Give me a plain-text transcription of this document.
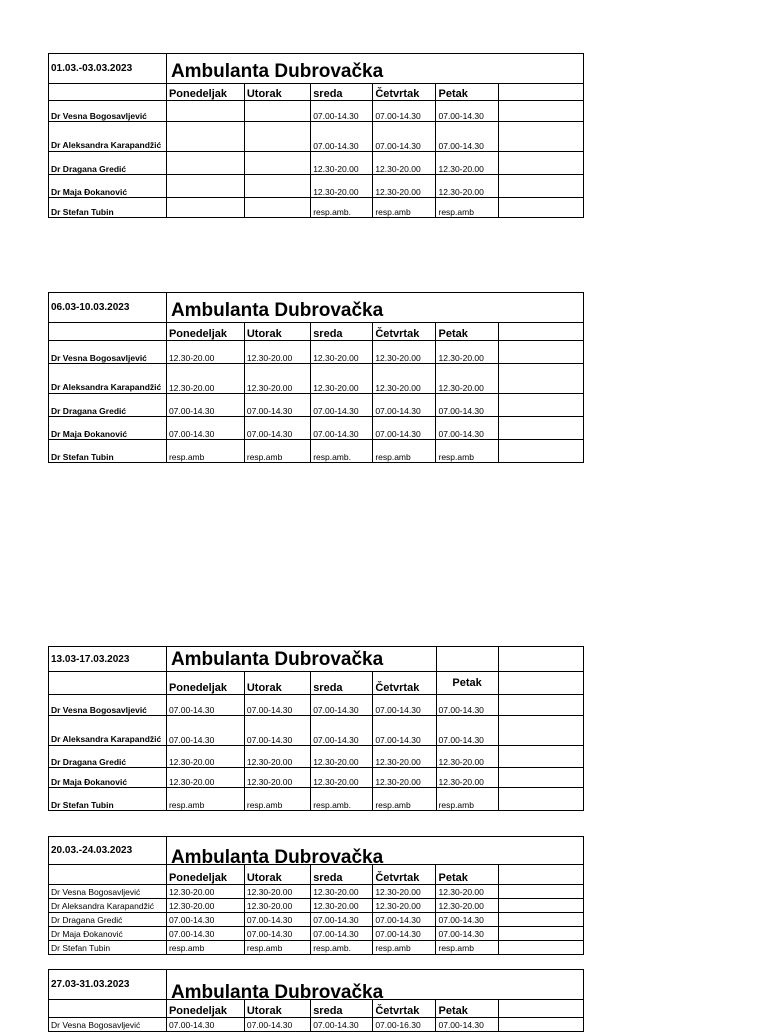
01.03.-03.03.2023	Ambulanta Dubrovačka					
	Ponedeljak	Utorak	sreda	Četvrtak	Petak	
Dr Vesna Bogosavljević			07.00-14.30	07.00-14.30	07.00-14.30	
Dr Aleksandra Karapandžić			07.00-14.30	07.00-14.30	07.00-14.30	
Dr Dragana Gredić			12.30-20.00	12.30-20.00	12.30-20.00	
Dr Maja Đokanović			12.30-20.00	12.30-20.00	12.30-20.00	
Dr Stefan Tubin			resp.amb.	resp.amb	resp.amb	
06.03-10.03.2023	Ambulanta Dubrovačka					
	Ponedeljak	Utorak	sreda	Četvrtak	Petak	
Dr Vesna Bogosavljević	12.30-20.00	12.30-20.00	12.30-20.00	12.30-20.00	12.30-20.00	
Dr Aleksandra Karapandžić	12.30-20.00	12.30-20.00	12.30-20.00	12.30-20.00	12.30-20.00	
Dr Dragana Gredić	07.00-14.30	07.00-14.30	07.00-14.30	07.00-14.30	07.00-14.30	
Dr Maja Đokanović	07.00-14.30	07.00-14.30	07.00-14.30	07.00-14.30	07.00-14.30	
Dr Stefan Tubin	resp.amb	resp.amb	resp.amb.	resp.amb	resp.amb	
13.03-17.03.2023	Ambulanta Dubrovačka					
	Ponedeljak	Utorak	sreda	Četvrtak	Petak	
Dr Vesna Bogosavljević	07.00-14.30	07.00-14.30	07.00-14.30	07.00-14.30	07.00-14.30	
Dr Aleksandra Karapandžić	07.00-14.30	07.00-14.30	07.00-14.30	07.00-14.30	07.00-14.30	
Dr Dragana Gredić	12.30-20.00	12.30-20.00	12.30-20.00	12.30-20.00	12.30-20.00	
Dr Maja Đokanović	12.30-20.00	12.30-20.00	12.30-20.00	12.30-20.00	12.30-20.00	
Dr Stefan Tubin	resp.amb	resp.amb	resp.amb.	resp.amb	resp.amb	
20.03.-24.03.2023	Ambulanta Dubrovačka					
	Ponedeljak	Utorak	sreda	Četvrtak	Petak	
Dr Vesna Bogosavljević	12.30-20.00	12.30-20.00	12.30-20.00	12.30-20.00	12.30-20.00	
Dr Aleksandra Karapandžić	12.30-20.00	12.30-20.00	12.30-20.00	12.30-20.00	12.30-20.00	
Dr Dragana Gredić	07.00-14.30	07.00-14.30	07.00-14.30	07.00-14.30	07.00-14.30	
Dr Maja Đokanović	07.00-14.30	07.00-14.30	07.00-14.30	07.00-14.30	07.00-14.30	
Dr Stefan Tubin	resp.amb	resp.amb	resp.amb.	resp.amb	resp.amb	
27.03-31.03.2023	Ambulanta Dubrovačka					
	Ponedeljak	Utorak	sreda	Četvrtak	Petak	
Dr Vesna Bogosavljević	07.00-14.30	07.00-14.30	07.00-14.30	07.00-16.30	07.00-14.30	
